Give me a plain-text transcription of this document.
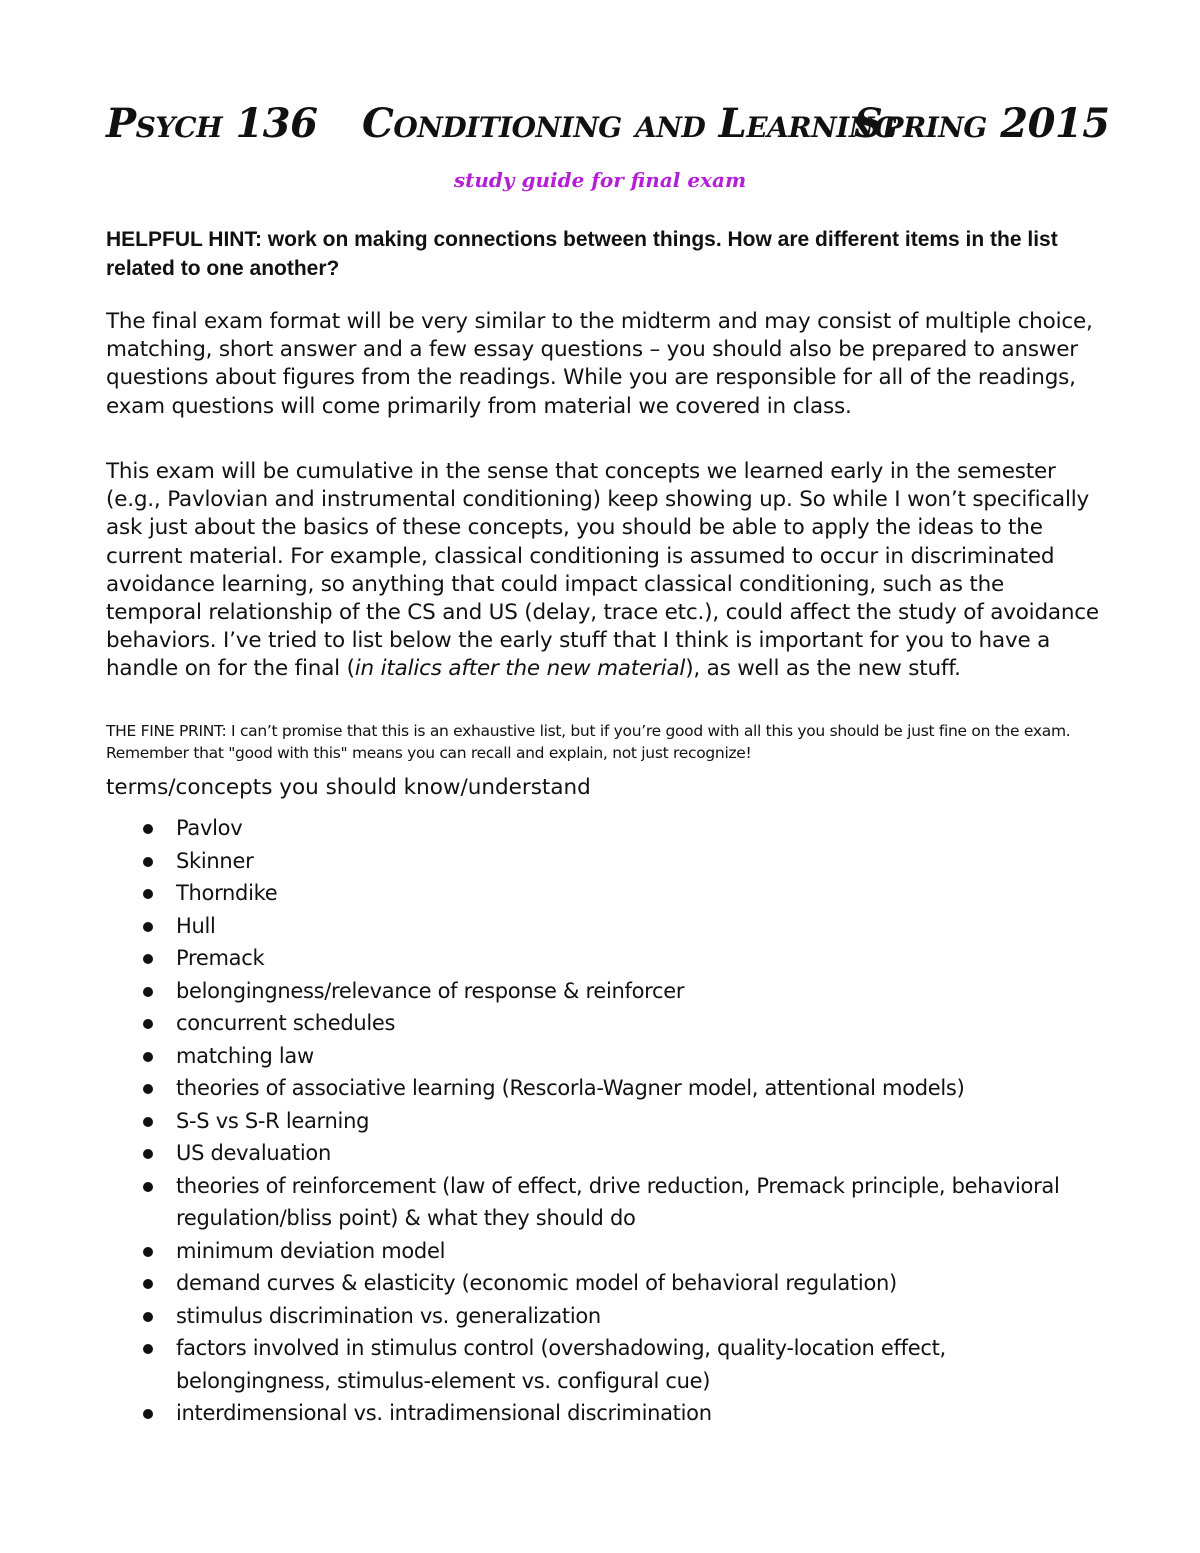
Psych 136 Conditioning and Learning
Spring 2015
study guide for final exam
HELPFUL HINT: work on making connections between things. How are different items in the list related to one another?
The final exam format will be very similar to the midterm and may consist of multiple choice, matching, short answer and a few essay questions – you should also be prepared to answer questions about figures from the readings. While you are responsible for all of the readings, exam questions will come primarily from material we covered in class.
This exam will be cumulative in the sense that concepts we learned early in the semester (e.g., Pavlovian and instrumental conditioning) keep showing up. So while I won’t specifically ask just about the basics of these concepts, you should be able to apply the ideas to the current material. For example, classical conditioning is assumed to occur in discriminated avoidance learning, so anything that could impact classical conditioning, such as the temporal relationship of the CS and US (delay, trace etc.), could affect the study of avoidance behaviors. I’ve tried to list below the early stuff that I think is important for you to have a handle on for the final (in italics after the new material), as well as the new stuff.
THE FINE PRINT: I can’t promise that this is an exhaustive list, but if you’re good with all this you should be just fine on the exam. Remember that "good with this" means you can recall and explain, not just recognize!
terms/concepts you should know/understand
Pavlov
Skinner
Thorndike
Hull
Premack
belongingness/relevance of response & reinforcer
concurrent schedules
matching law
theories of associative learning (Rescorla-Wagner model, attentional models)
S-S vs S-R learning
US devaluation
theories of reinforcement (law of effect, drive reduction, Premack principle, behavioral regulation/bliss point) & what they should do
minimum deviation model
demand curves & elasticity (economic model of behavioral regulation)
stimulus discrimination vs. generalization
factors involved in stimulus control (overshadowing, quality-location effect, belongingness, stimulus-element vs. configural cue)
interdimensional vs. intradimensional discrimination
